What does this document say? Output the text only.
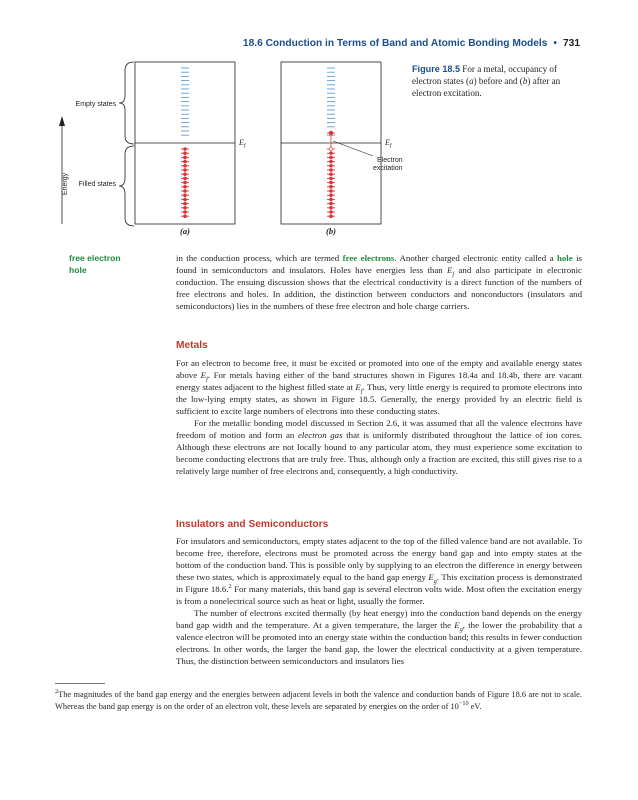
18.6 Conduction in Terms of Band and Atomic Bonding Models • 731
Empty states
Filled states
Energy
$E_f$
(a)
$E_f$
Electron excitation
(b)
Figure 18.5 For a metal, occupancy of electron states (a) before and (b) after an electron excitation.
free electron
hole

in the conduction process, which are termed free electrons. Another charged electronic entity called a hole is found in semiconductors and insulators. Holes have energies less than $E_f$ and also participate in electronic conduction. The ensuing discussion shows that the electrical conductivity is a direct function of the numbers of free electrons and holes. In addition, the distinction between conductors and nonconductors (insulators and semiconductors) lies in the numbers of these free electron and hole charge carriers.

Metals

For an electron to become free, it must be excited or promoted into one of the empty and available energy states above $E_f$. For metals having either of the band structures shown in Figures 18.4a and 18.4b, there are vacant energy states adjacent to the highest filled state at $E_f$. Thus, very little energy is required to promote electrons into the low-lying empty states, as shown in Figure 18.5. Generally, the energy provided by an electric field is sufficient to excite large numbers of electrons into these conducting states.

For the metallic bonding model discussed in Section 2.6, it was assumed that all the valence electrons have freedom of motion and form an electron gas that is uniformly distributed throughout the lattice of ion cores. Although these electrons are not locally bound to any particular atom, they must experience some excitation to become conducting electrons that are truly free. Thus, although only a fraction are excited, this still gives rise to a relatively large number of free electrons and, consequently, a high conductivity.

Insulators and Semiconductors

For insulators and semiconductors, empty states adjacent to the top of the filled valence band are not available. To become free, therefore, electrons must be promoted across the energy band gap and into empty states at the bottom of the conduction band. This is possible only by supplying to an electron the difference in energy between these two states, which is approximately equal to the band gap energy $E_g$. This excitation process is demonstrated in Figure 18.6.$^2$ For many materials, this band gap is several electron volts wide. Most often the excitation energy is from a nonelectrical source such as heat or light, usually the former.

The number of electrons excited thermally (by heat energy) into the conduction band depends on the energy band gap width and the temperature. At a given temperature, the larger the $E_g$, the lower the probability that a valence electron will be promoted into an energy state within the conduction band; this results in fewer conduction electrons. In other words, the larger the band gap, the lower the electrical conductivity at a given temperature. Thus, the distinction between semiconductors and insulators lies

$^2$The magnitudes of the band gap energy and the energies between adjacent levels in both the valence and conduction bands of Figure 18.6 are not to scale. Whereas the band gap energy is on the order of an electron volt, these levels are separated by energies on the order of $10^{-10}$ eV.
